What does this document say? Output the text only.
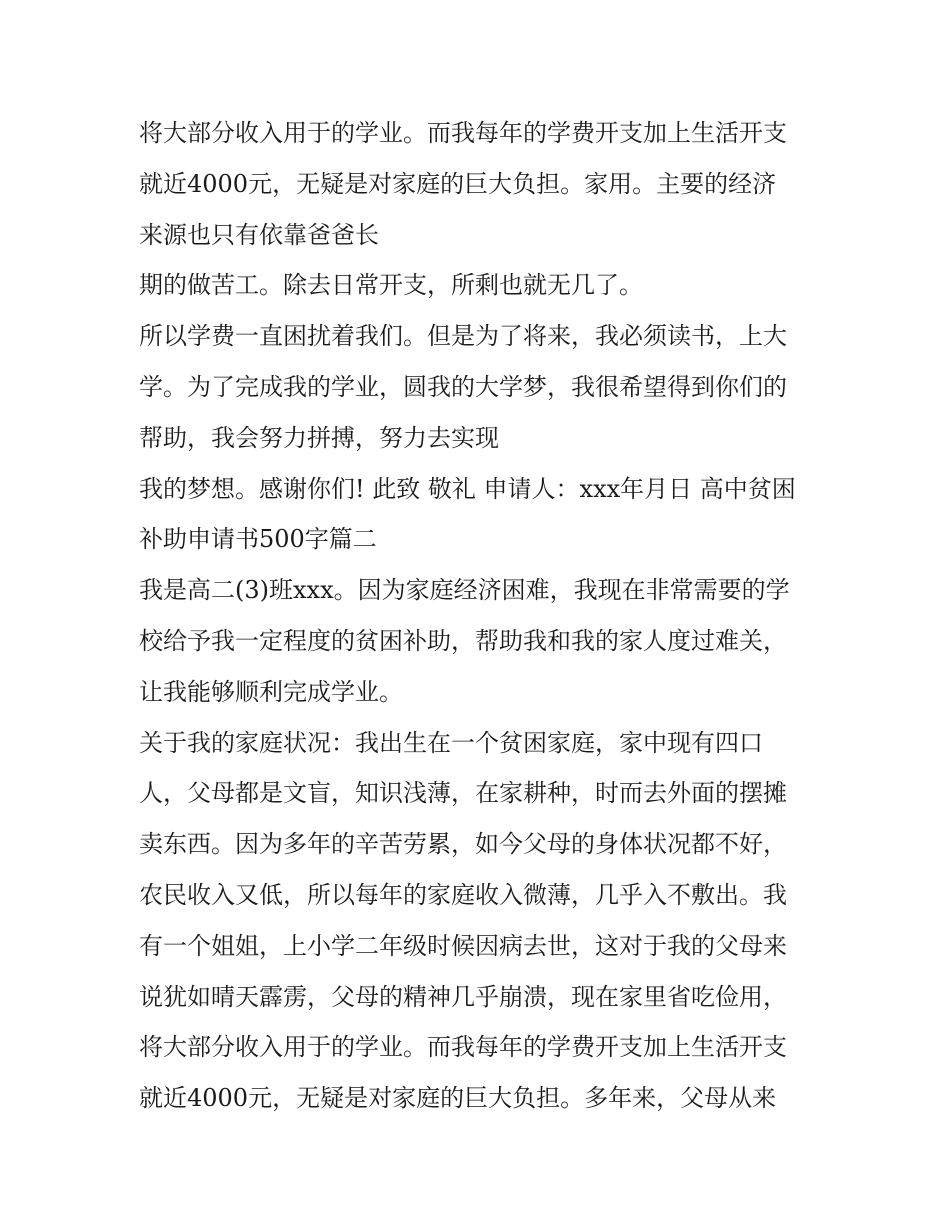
将大部分收入用于的学业。而我每年的学费开支加上生活开支
就近4000元，无疑是对家庭的巨大负担。家用。主要的经济
来源也只有依靠爸爸长
期的做苦工。除去日常开支，所剩也就无几了。
所以学费一直困扰着我们。但是为了将来，我必须读书，上大
学。为了完成我的学业，圆我的大学梦，我很希望得到你们的
帮助，我会努力拼搏，努力去实现
我的梦想。感谢你们! 此致 敬礼 申请人：xxx年月日 高中贫困
补助申请书500字篇二
我是高二(3)班xxx。因为家庭经济困难，我现在非常需要的学
校给予我一定程度的贫困补助，帮助我和我的家人度过难关，
让我能够顺利完成学业。
关于我的家庭状况：我出生在一个贫困家庭，家中现有四口
人，父母都是文盲，知识浅薄，在家耕种，时而去外面的摆摊
卖东西。因为多年的辛苦劳累，如今父母的身体状况都不好，
农民收入又低，所以每年的家庭收入微薄，几乎入不敷出。我
有一个姐姐，上小学二年级时候因病去世，这对于我的父母来
说犹如晴天霹雳，父母的精神几乎崩溃，现在家里省吃俭用，
将大部分收入用于的学业。而我每年的学费开支加上生活开支
就近4000元，无疑是对家庭的巨大负担。多年来，父母从来
